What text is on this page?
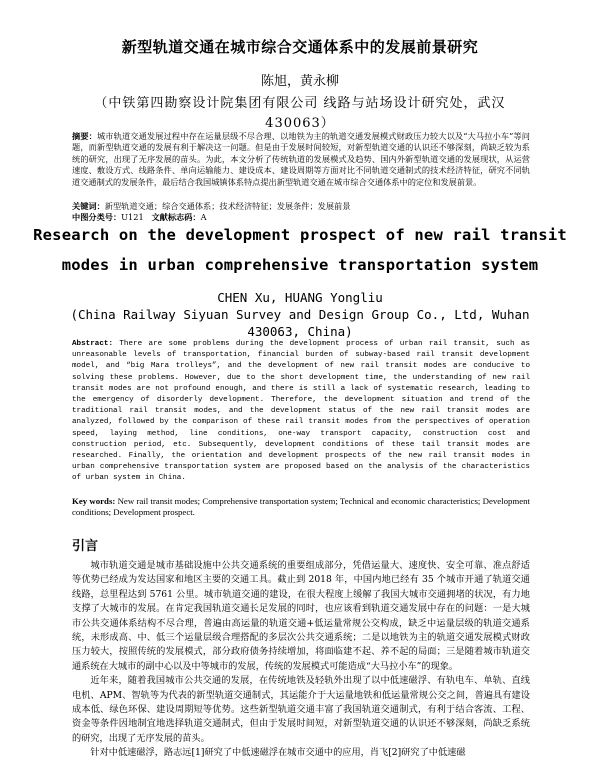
新型轨道交通在城市综合交通体系中的发展前景研究
陈旭，黄永柳
（中铁第四勘察设计院集团有限公司 线路与站场设计研究处，武汉 430063）
摘要：城市轨道交通发展过程中存在运量层级不尽合理、以地铁为主的轨道交通发展模式财政压力较大以及“大马拉小车”等问题，而新型轨道交通的发展有利于解决这一问题。但是由于发展时间较短，对新型轨道交通的认识还不够深刻，尚缺乏较为系统的研究，出现了无序发展的苗头。为此，本文分析了传统轨道的发展模式及趋势、国内外新型轨道交通的发展现状，从运营速度、敷设方式、线路条件、单向运输能力、建设成本、建设周期等方面对比不同轨道交通制式的技术经济特征，研究不同轨道交通制式的发展条件，最后结合我国城镇体系特点提出新型轨道交通在城市综合交通体系中的定位和发展前景。
关键词：新型轨道交通；综合交通体系；技术经济特征；发展条件；发展前景
中图分类号：U121 文献标志码：A
Research on the development prospect of new rail transit
modes in urban comprehensive transportation system
CHEN Xu, HUANG Yongliu
(China Railway Siyuan Survey and Design Group Co., Ltd, Wuhan 430063, China)
Abstract: There are some problems during the development process of urban rail transit, such as unreasonable levels of transportation, financial burden of subway-based rail transit development model, and “big Mara trolleys”, and the development of new rail transit modes are conducive to solving these problems. However, due to the short development time, the understanding of new rail transit modes are not profound enough, and there is still a lack of systematic research, leading to the emergency of disorderly development. Therefore, the development situation and trend of the traditional rail transit modes, and the development status of the new rail transit modes are analyzed, followed by the comparison of these rail transit modes from the perspectives of operation speed, laying method, line conditions, one-way transport capacity, construction cost and construction period, etc. Subsequently, development conditions of these tail transit modes are researched. Finally, the orientation and development prospects of the new rail transit modes in urban comprehensive transportation system are proposed based on the analysis of the characteristics of urban system in China.
Key words: New rail transit modes; Comprehensive transportation system; Technical and economic characteristics; Development conditions; Development prospect.
引言

城市轨道交通是城市基础设施中公共交通系统的重要组成部分，凭借运量大、速度快、安全可靠、准点舒适等优势已经成为发达国家和地区主要的交通工具。截止到 2018 年，中国内地已经有 35 个城市开通了轨道交通线路，总里程达到 5761 公里。城市轨道交通的建设，在很大程度上缓解了我国大城市交通拥堵的状况，有力地支撑了大城市的发展。在肯定我国轨道交通长足发展的同时，也应该看到轨道交通发展中存在的问题：一是大城市公共交通体系结构不尽合理，普遍由高运量的轨道交通+低运量常规公交构成，缺乏中运量层级的轨道交通系统，未形成高、中、低三个运量层级合理搭配的多层次公共交通系统；二是以地铁为主的轨道交通发展模式财政压力较大，按照传统的发展模式，部分政府债务持续增加，将面临建不起、养不起的局面；三是随着城市轨道交通系统在大城市的副中心以及中等城市的发展，传统的发展模式可能造成“大马拉小车”的现象。

近年来，随着我国城市公共交通的发展，在传统地铁及轻轨外出现了以中低速磁浮、有轨电车、单轨、直线电机、APM、智轨等为代表的新型轨道交通制式，其运能介于大运量地铁和低运量常规公交之间，普遍具有建设成本低、绿色环保、建设周期短等优势。这些新型轨道交通丰富了我国轨道交通制式，有利于结合客流、工程、资金等条件因地制宜地选择轨道交通制式，但由于发展时间短，对新型轨道交通的认识还不够深刻，尚缺乏系统的研究，出现了无序发展的苗头。

针对中低速磁浮，路志远[1]研究了中低速磁浮在城市交通中的应用，肖飞[2]研究了中低速磁
